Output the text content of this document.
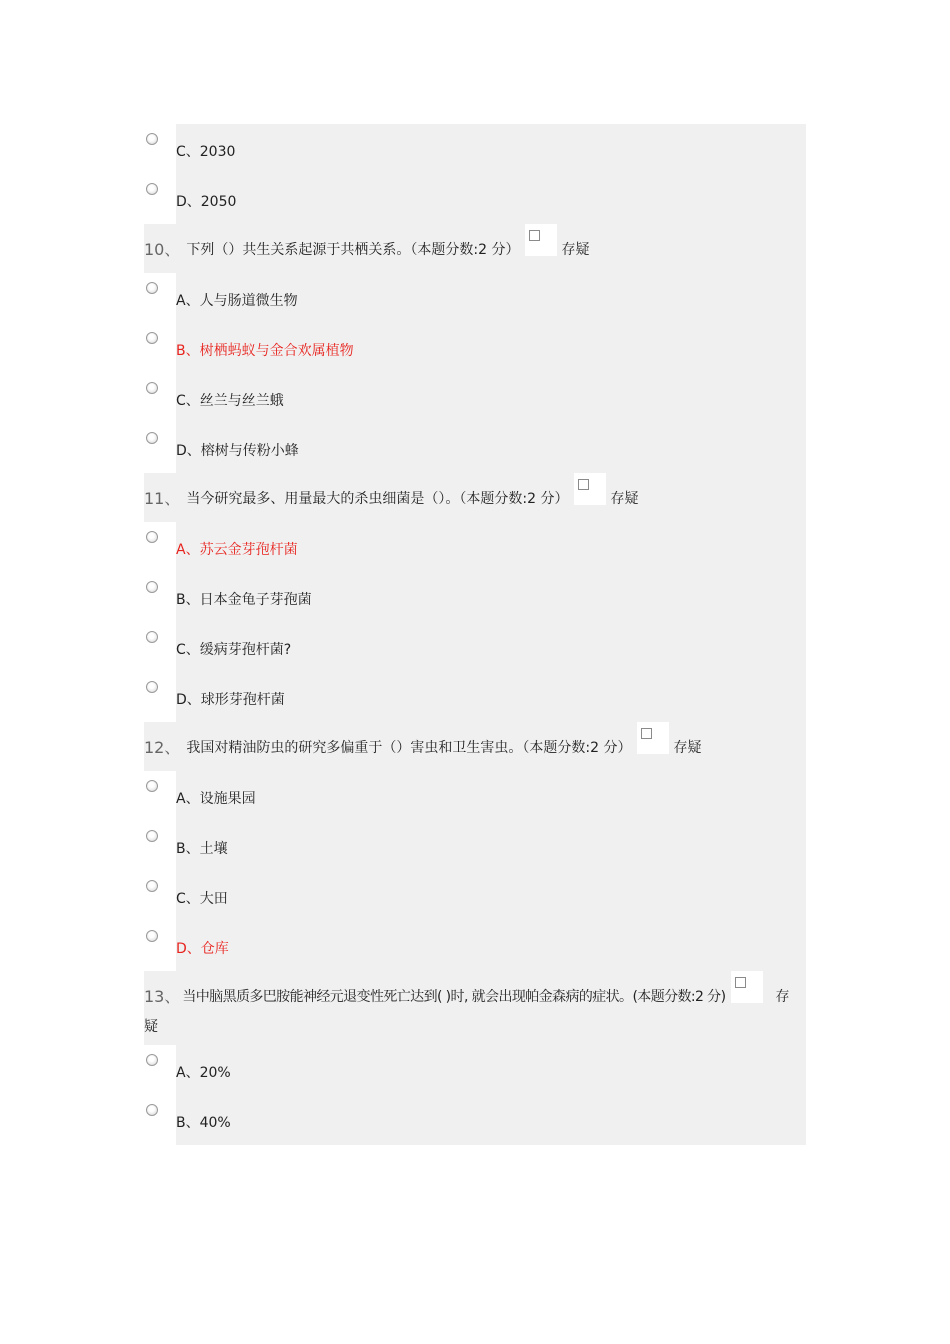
C、2030
D、2050
10、 下列（）共生关系起源于共栖关系。（本题分数:2 分）	存疑
A、人与肠道微生物
B、树栖蚂蚁与金合欢属植物
C、丝兰与丝兰蛾
D、榕树与传粉小蜂
11、 当今研究最多、用量最大的杀虫细菌是（）。（本题分数:2 分）	存疑
A、苏云金芽孢杆菌
B、日本金龟子芽孢菌
C、缓病芽孢杆菌?
D、球形芽孢杆菌
12、 我国对精油防虫的研究多偏重于（）害虫和卫生害虫。（本题分数:2 分）	存疑
A、设施果园
B、土壤
C、大田
D、仓库
13、 当中脑黑质多巴胺能神经元退变性死亡达到( )时, 就会出现帕金森病的症状。(本题分数:2 分)	存
疑
A、20%
B、40%
